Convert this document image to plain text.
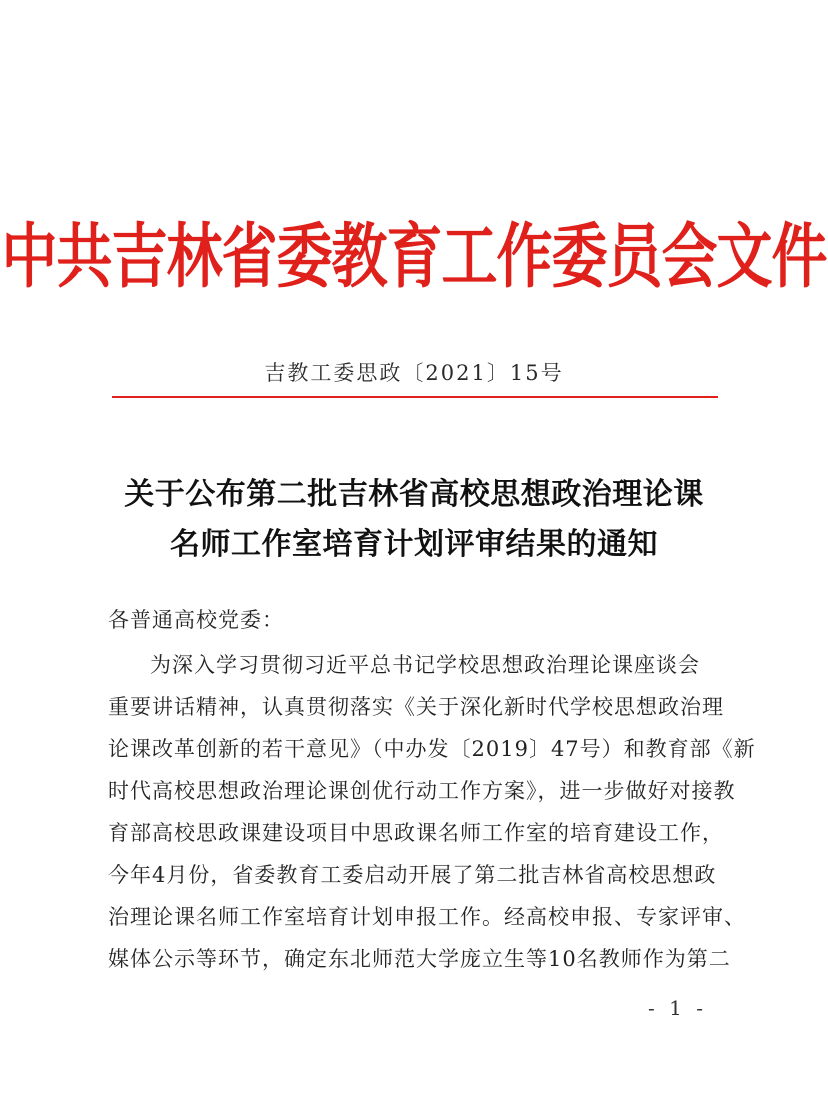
中共吉林省委教育工作委员会文件
吉教工委思政〔2021〕15号
关于公布第二批吉林省高校思想政治理论课
名师工作室培育计划评审结果的通知
各普通高校党委：
为深入学习贯彻习近平总书记学校思想政治理论课座谈会
重要讲话精神，认真贯彻落实《关于深化新时代学校思想政治理
论课改革创新的若干意见》（中办发〔2019〕47号）和教育部《新
时代高校思想政治理论课创优行动工作方案》，进一步做好对接教
育部高校思政课建设项目中思政课名师工作室的培育建设工作，
今年4月份，省委教育工委启动开展了第二批吉林省高校思想政
治理论课名师工作室培育计划申报工作。经高校申报、专家评审、
媒体公示等环节，确定东北师范大学庞立生等10名教师作为第二
- 1 -
